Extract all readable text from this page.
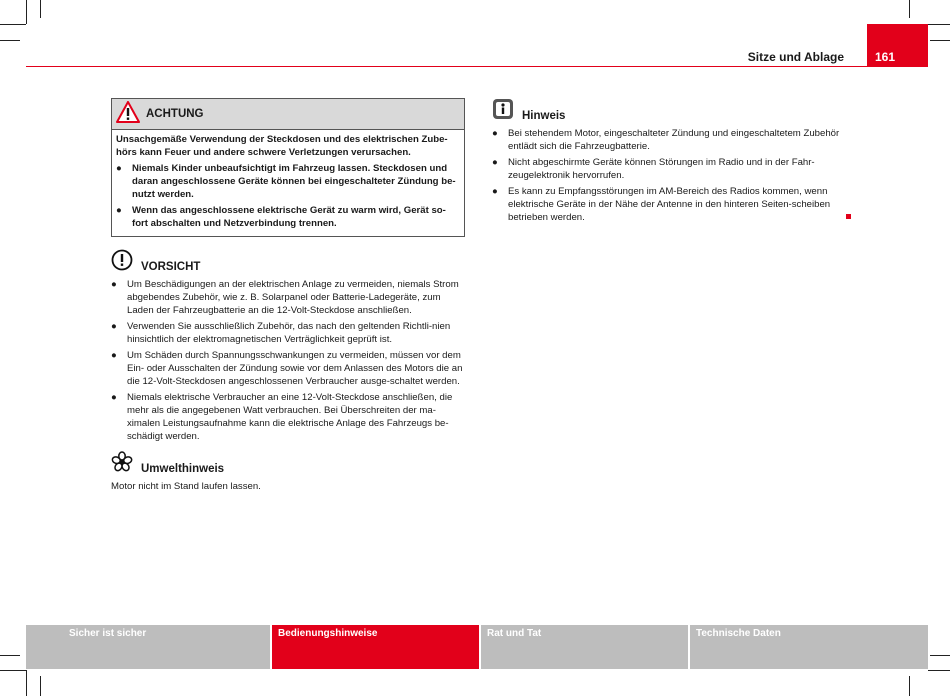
Sitze und Ablage	161
ACHTUNG

Unsachgemäße Verwendung der Steckdosen und des elektrischen Zube-hörs kann Feuer und andere schwere Verletzungen verursachen.

●	Niemals Kinder unbeaufsichtigt im Fahrzeug lassen. Steckdosen und daran angeschlossene Geräte können bei eingeschalteter Zündung be-nutzt werden.
●	Wenn das angeschlossene elektrische Gerät zu warm wird, Gerät so-fort abschalten und Netzverbindung trennen.
VORSICHT
●	Um Beschädigungen an der elektrischen Anlage zu vermeiden, niemals Strom abgebendes Zubehör, wie z. B. Solarpanel oder Batterie-Ladegeräte, zum Laden der Fahrzeugbatterie an die 12-Volt-Steckdose anschließen.
●	Verwenden Sie ausschließlich Zubehör, das nach den geltenden Richtli-nien hinsichtlich der elektromagnetischen Verträglichkeit geprüft ist.
●	Um Schäden durch Spannungsschwankungen zu vermeiden, müssen vor dem Ein- oder Ausschalten der Zündung sowie vor dem Anlassen des Motors die an die 12-Volt-Steckdosen angeschlossenen Verbraucher ausge-schaltet werden.
●	Niemals elektrische Verbraucher an eine 12-Volt-Steckdose anschließen, die mehr als die angegebenen Watt verbrauchen. Bei Überschreiten der ma-ximalen Leistungsaufnahme kann die elektrische Anlage des Fahrzeugs be-schädigt werden.
Umwelthinweis
Motor nicht im Stand laufen lassen.
Hinweis
●	Bei stehendem Motor, eingeschalteter Zündung und eingeschaltetem Zubehör entlädt sich die Fahrzeugbatterie.
●	Nicht abgeschirmte Geräte können Störungen im Radio und in der Fahr-zeugelektronik hervorrufen.
●	Es kann zu Empfangsstörungen im AM-Bereich des Radios kommen, wenn elektrische Geräte in der Nähe der Antenne in den hinteren Seiten-scheiben betrieben werden.
Sicher ist sicher	Bedienungshinweise	Rat und Tat	Technische Daten
